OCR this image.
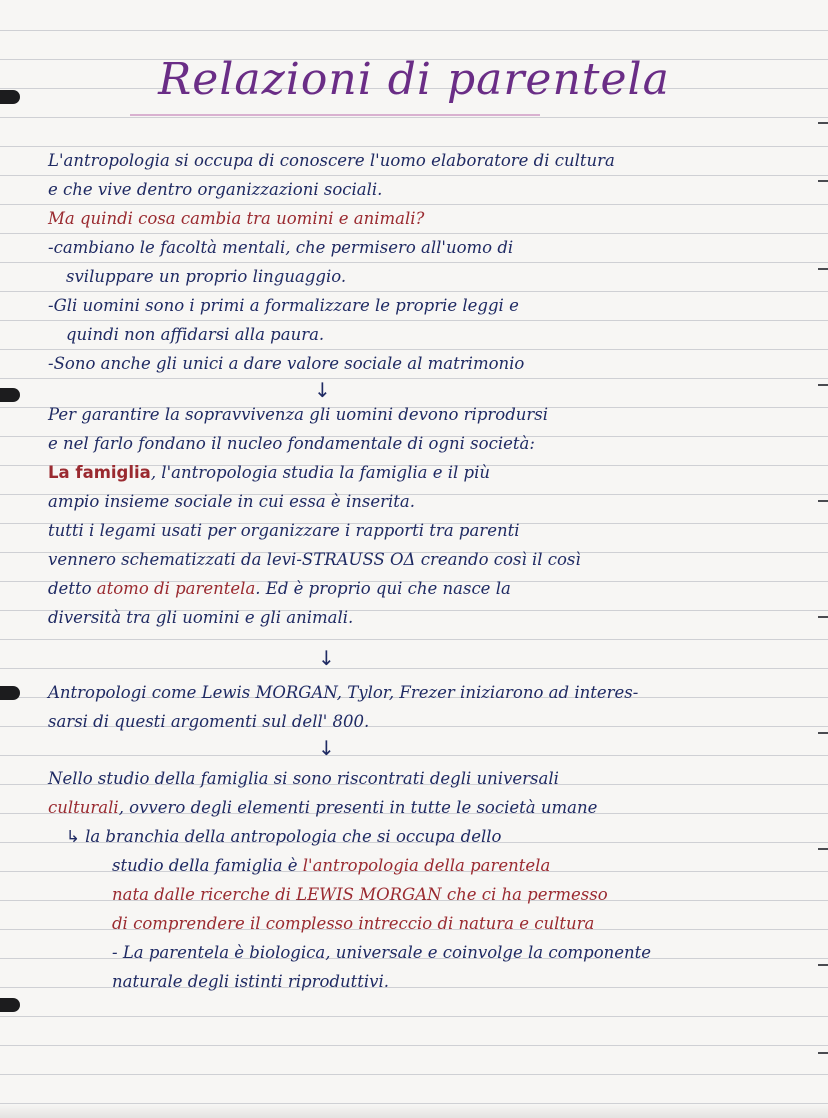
Relazioni di parentela
L'antropologia si occupa di conoscere l'uomo elaboratore di cultura
e che vive dentro organizzazioni sociali.
Ma quindi cosa cambia tra uomini e animali?
-cambiano le facoltà mentali, che permisero all'uomo di
sviluppare un proprio linguaggio.
-Gli uomini sono i primi a formalizzare le proprie leggi e
quindi non affidarsi alla paura.
-Sono anche gli unici a dare valore sociale al matrimonio
↓
Per garantire la sopravvivenza gli uomini devono riprodursi
e nel farlo fondano il nucleo fondamentale di ogni società:
La famiglia, l'antropologia studia la famiglia e il più
ampio insieme sociale in cui essa è inserita.
tutti i legami usati per organizzare i rapporti tra parenti
vennero schematizzati da levi-STRAUSS OΔ creando così il così
detto atomo di parentela. Ed è proprio qui che nasce la
diversità tra gli uomini e gli animali.
↓
Antropologi come Lewis MORGAN, Tylor, Frezer iniziarono ad interes-
sarsi di questi argomenti sul dell' 800.
↓
Nello studio della famiglia si sono riscontrati degli universali
culturali, ovvero degli elementi presenti in tutte le società umane
↳ la branchia della antropologia che si occupa dello
studio della famiglia è l'antropologia della parentela
nata dalle ricerche di LEWIS MORGAN che ci ha permesso
di comprendere il complesso intreccio di natura e cultura
- La parentela è biologica, universale e coinvolge la componente
naturale degli istinti riproduttivi.
